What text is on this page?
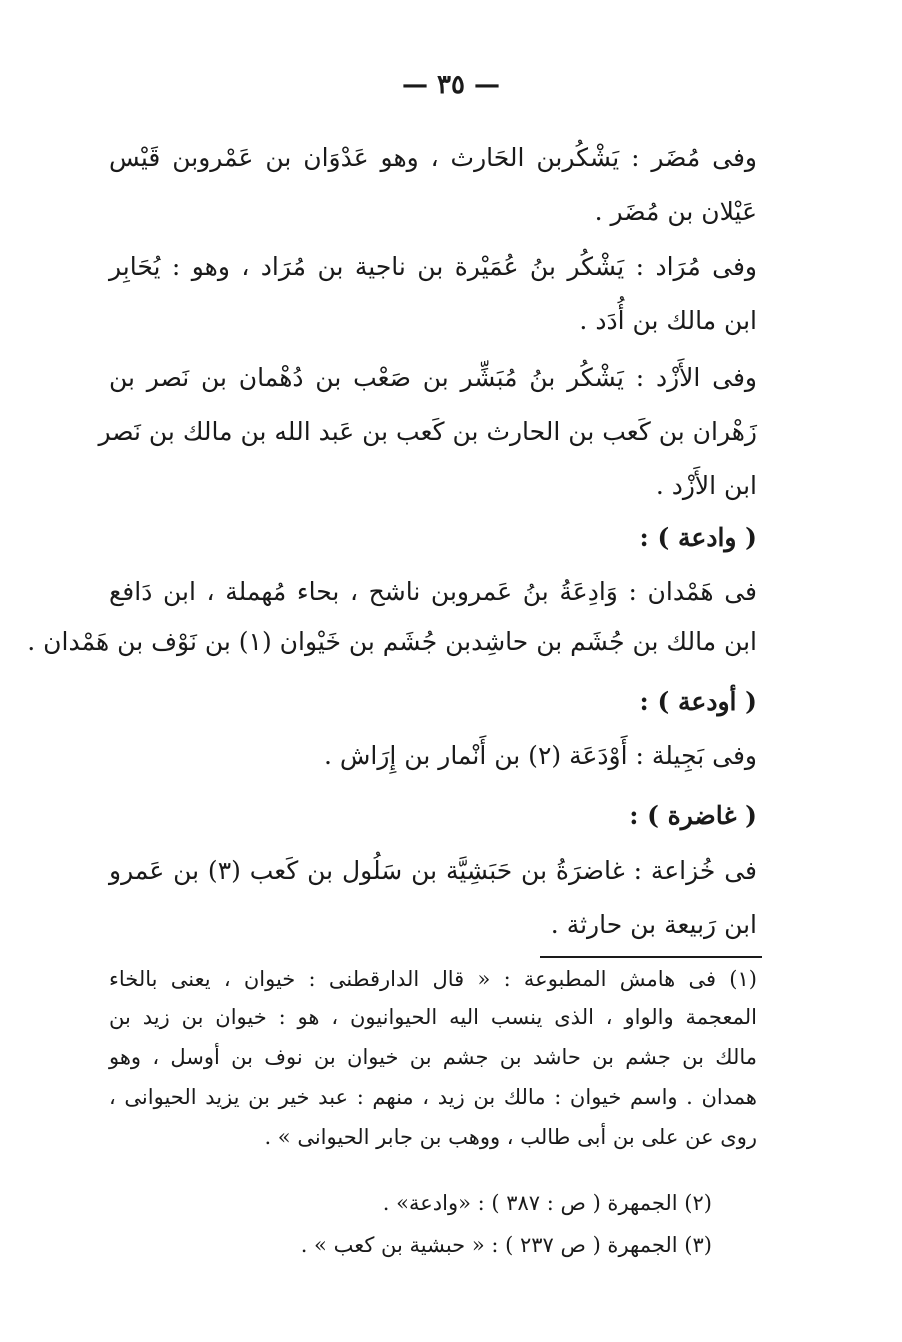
— ٣٥ —
وفى مُضَر : يَشْكُربن الحَارث ، وهو عَدْوَان بن عَمْروبن قَيْس
عَيْلان بن مُضَر .
وفى مُرَاد : يَشْكُر بنُ عُمَيْرة بن ناجية بن مُرَاد ، وهو : يُحَابِر
ابن مالك بن أُدَد .
وفى الأَزْد : يَشْكُر بنُ مُبَشِّر بن صَعْب بن دُهْمان بن نَصر بن
زَهْران بن كَعب بن الحارث بن كَعب بن عَبد الله بن مالك بن نَصر
ابن الأَزْد .
( وادعة ) :
فى هَمْدان : وَادِعَةُ بنُ عَمروبن ناشح ، بحاء مُهملة ، ابن دَافع
ابن مالك بن جُشَم بن حاشِدبن جُشَم بن خَيْوان (١) بن نَوْف بن هَمْدان .
( أودعة ) :
وفى بَجِيلة : أَوْدَعَة (٢) بن أَنْمار بن إِرَاش .
( غاضرة ) :
فى خُزاعة : غاضرَةُ بن حَبَشِيَّة بن سَلُول بن كَعب (٣) بن عَمرو
ابن رَبيعة بن حارثة .
(١) فى هامش المطبوعة : « قال الدارقطنى : خيوان ، يعنى بالخاء
المعجمة والواو ، الذى ينسب اليه الحيوانيون ، هو : خيوان بن زيد بن
مالك بن جشم بن حاشد بن جشم بن خيوان بن نوف بن أوسل ، وهو
همدان . واسم خيوان : مالك بن زيد ، منهم : عبد خير بن يزيد الحيوانى ،
روى عن على بن أبى طالب ، ووهب بن جابر الحيوانى » .
(٢) الجمهرة ( ص : ٣٨٧ ) : «وادعة» .
(٣) الجمهرة ( ص ٢٣٧ ) : « حبشية بن كعب » .
